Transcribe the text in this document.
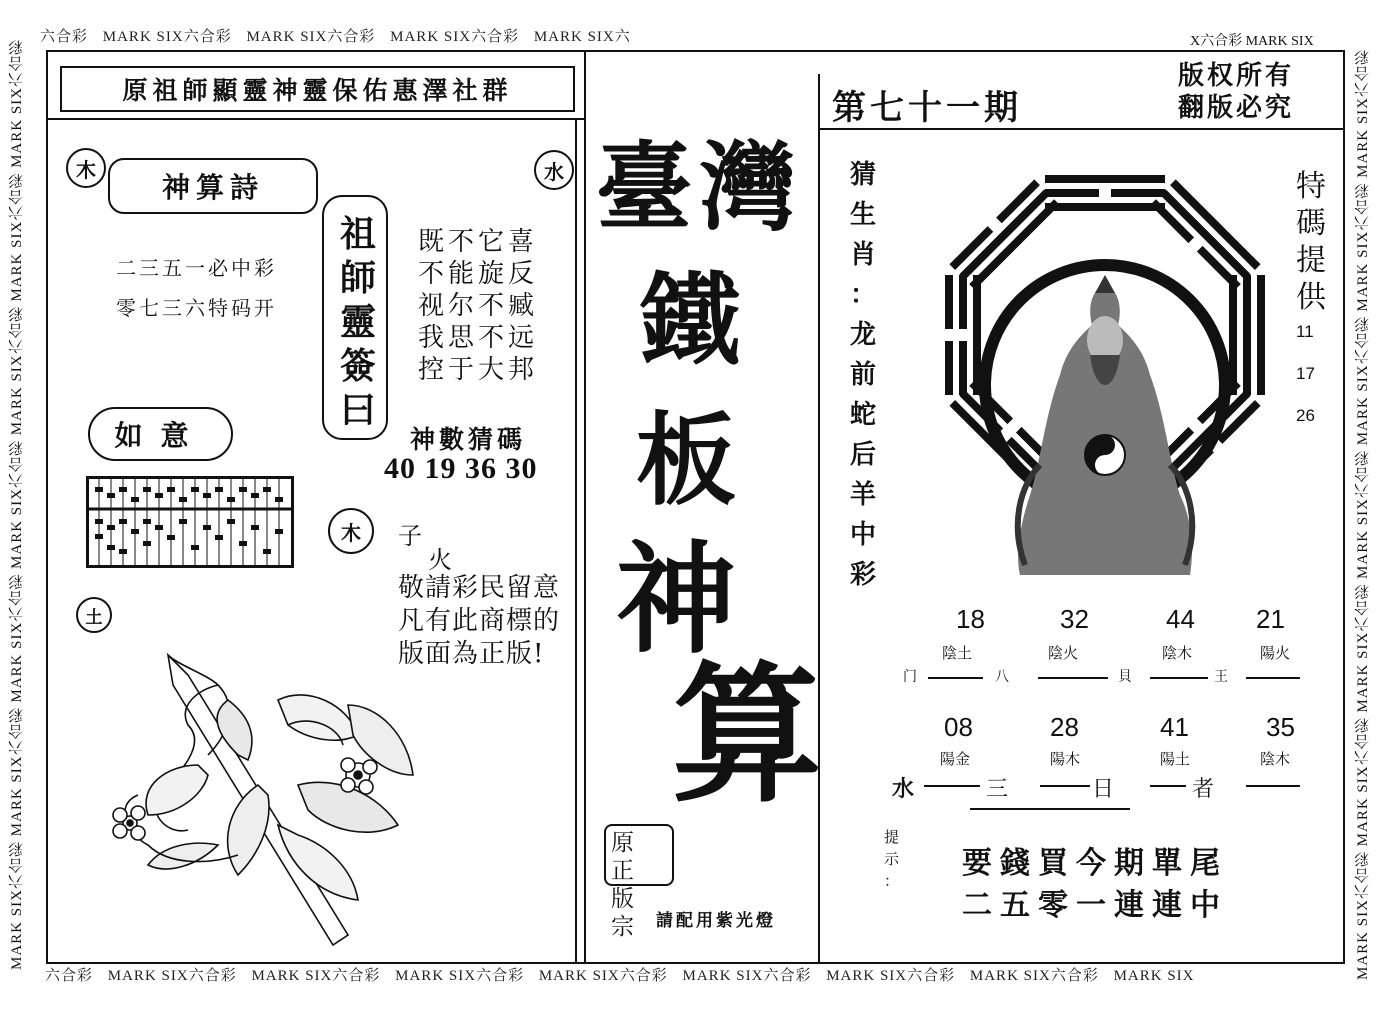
六合彩 MARK SIX六合彩 MARK SIX六合彩 MARK SIX六合彩 MARK SIX六	X六合彩 MARK SIX
六合彩 MARK SIX六合彩 MARK SIX六合彩 MARK SIX六合彩 MARK SIX六合彩 MARK SIX六合彩 MARK SIX六合彩 MARK SIX六合彩 MARK SIX
MARK SIX六合彩 MARK SIX六合彩 MARK SIX六合彩 MARK SIX六合彩 MARK SIX六合彩 MARK SIX六合彩 MARK SIX六合彩	MARK SIX六合彩 MARK SIX六合彩 MARK SIX六合彩 MARK SIX六合彩 MARK SIX六合彩 MARK SIX六合彩 MARK SIX六合彩
原祖師顯靈神靈保佑惠澤社群
木	水
木
土
神算詩
二三五一必中彩
零七三六特码开
祖
師
靈
簽
曰
既不它喜
不能旋反
视尔不臧
我思不远
控于大邦
神數猜碼
40 19 36 30
如意
子
火
敬請彩民留意
凡有此商標的
版面為正版!
臺 灣
鐵
板
神
算
原正
版宗 請配用紫光燈
第七十一期
版权所有
翻版必究
猜
生
肖
：
龙
前
蛇
后
羊
中
彩
特
碼
提
供
11
17
26
18	32	44 21
陰土	陰火	陰木	陽火
门	八	貝	王
08	28	41	35
陽金	陽木	陽土	陰木
水	三	日	者
提
示
： 要錢買今期單尾
二五零一連連中
